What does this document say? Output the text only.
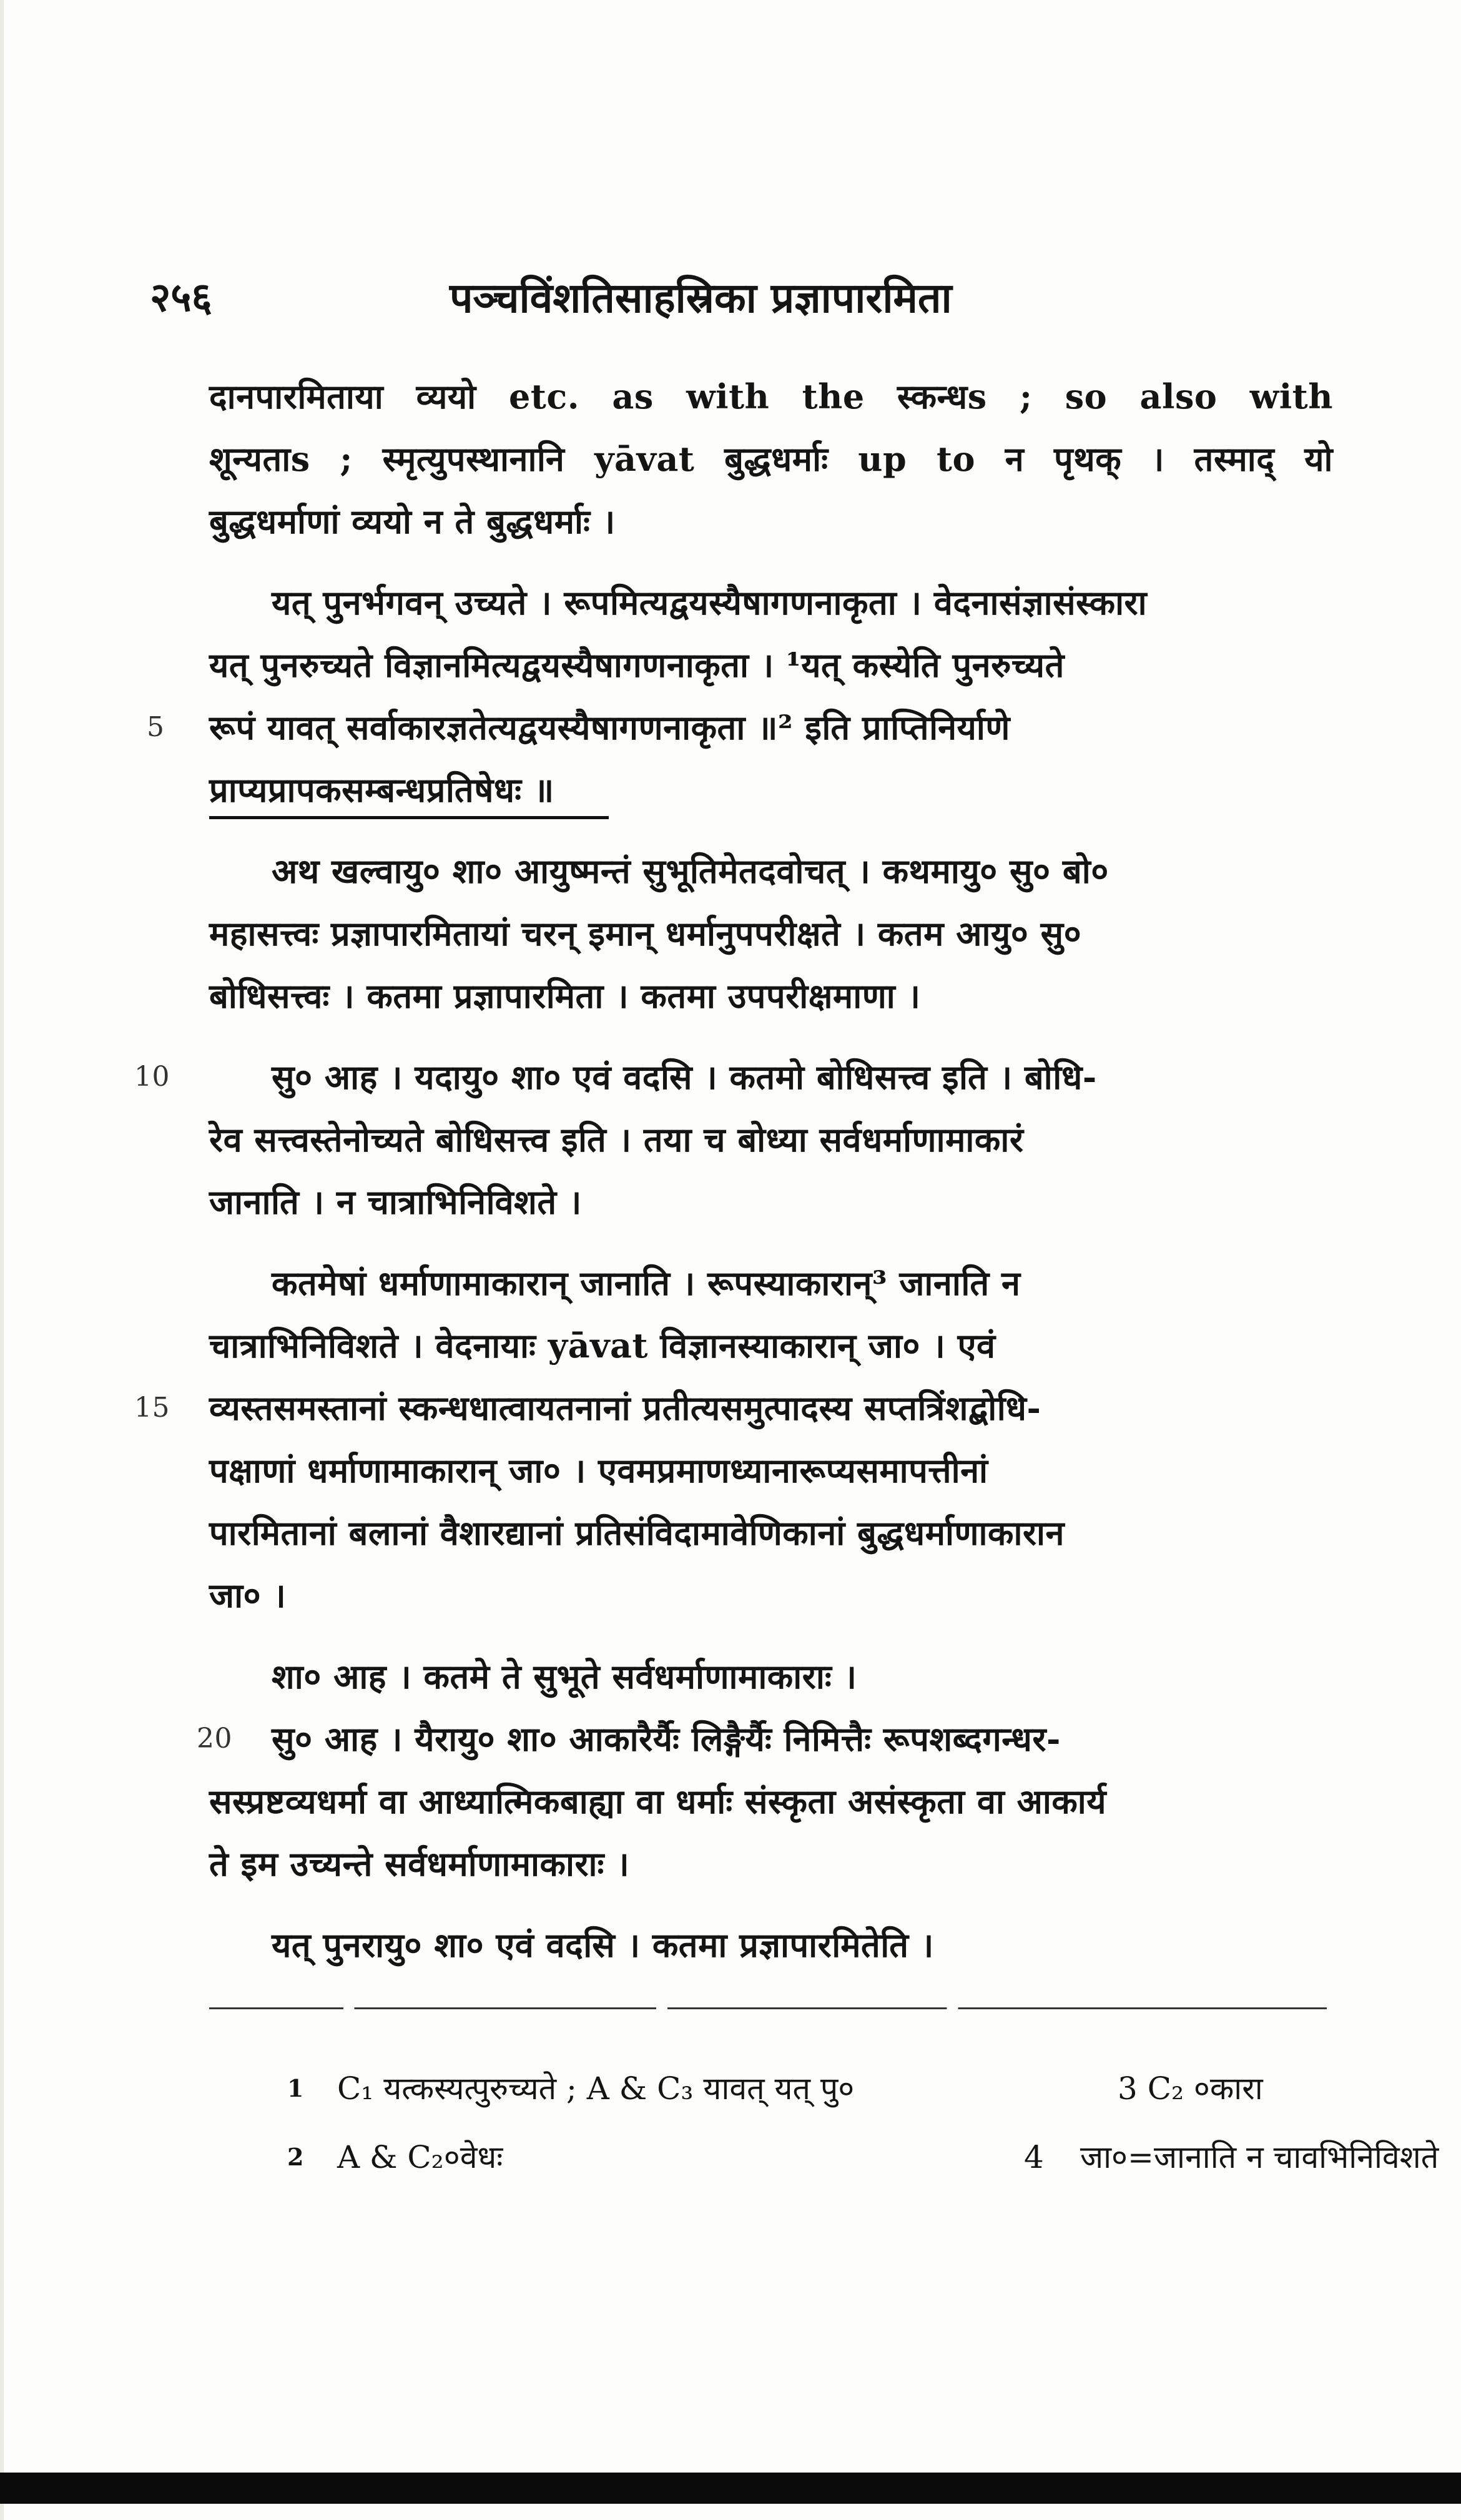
२५६	पञ्चविंशतिसाहस्रिका प्रज्ञापारमिता
दानपारमिताया व्ययो etc. as with the स्कन्धs ; so also with
शून्यताs ; स्मृत्युपस्थानानि yāvat बुद्धधर्माः up to न पृथक् । तस्माद् यो
बुद्धधर्माणां व्ययो न ते बुद्धधर्माः ।
यत् पुनर्भगवन् उच्यते । रूपमित्यद्वयस्यैषागणनाकृता । वेदनासंज्ञासंस्कारा
यत् पुनरुच्यते विज्ञानमित्यद्वयस्यैषागणनाकृता । ¹यत् कस्येति पुनरुच्यते
5 रूपं यावत् सर्वाकारज्ञतेत्यद्वयस्यैषागणनाकृता ॥² इति प्राप्तिनिर्याणे
प्राप्यप्रापकसम्बन्धप्रतिषेधः ॥
अथ खल्वायु० शा० आयुष्मन्तं सुभूतिमेतदवोचत् । कथमायु० सु० बो०
महासत्त्वः प्रज्ञापारमितायां चरन् इमान् धर्मानुपपरीक्षते । कतम आयु० सु०
बोधिसत्त्वः । कतमा प्रज्ञापारमिता । कतमा उपपरीक्षमाणा ।
10	सु० आह । यदायु० शा० एवं वदसि । कतमो बोधिसत्त्व इति । बोधि-
रेव सत्त्वस्तेनोच्यते बोधिसत्त्व इति । तया च बोध्या सर्वधर्माणामाकारं
जानाति । न चात्राभिनिविशते ।
कतमेषां धर्माणामाकारान् जानाति । रूपस्याकारान्³ जानाति न
चात्राभिनिविशते । वेदनायाः yāvat विज्ञानस्याकारान् जा० । एवं
15 व्यस्तसमस्तानां स्कन्धधात्वायतनानां प्रतीत्यसमुत्पादस्य सप्तत्रिंशद्बोधि-
पक्षाणां धर्माणामाकारान् जा० । एवमप्रमाणध्यानारूप्यसमापत्तीनां
पारमितानां बलानां वैशारद्यानां प्रतिसंविदामावेणिकानां बुद्धधर्माणाकारान
जा० ।
शा० आह । कतमे ते सुभूते सर्वधर्माणामाकाराः ।
20 सु० आह । यैरायु० शा० आकारैर्यैः लिङ्गैर्यैः निमित्तैः रूपशब्दगन्धर-
सस्प्रष्टव्यधर्मा वा आध्यात्मिकबाह्या वा धर्माः संस्कृता असंस्कृता वा आकार्य
ते इम उच्यन्ते सर्वधर्माणामाकाराः ।
यत् पुनरायु० शा० एवं वदसि । कतमा प्रज्ञापारमितेति ।
1 C₁ यत्कस्यत्पुरुच्यते ; A & C₃ यावत् यत् पु०	3 C₂ ०कारा
2 A & C₂०वेधः	4 जा०=जानाति न चावभिनिविशते
